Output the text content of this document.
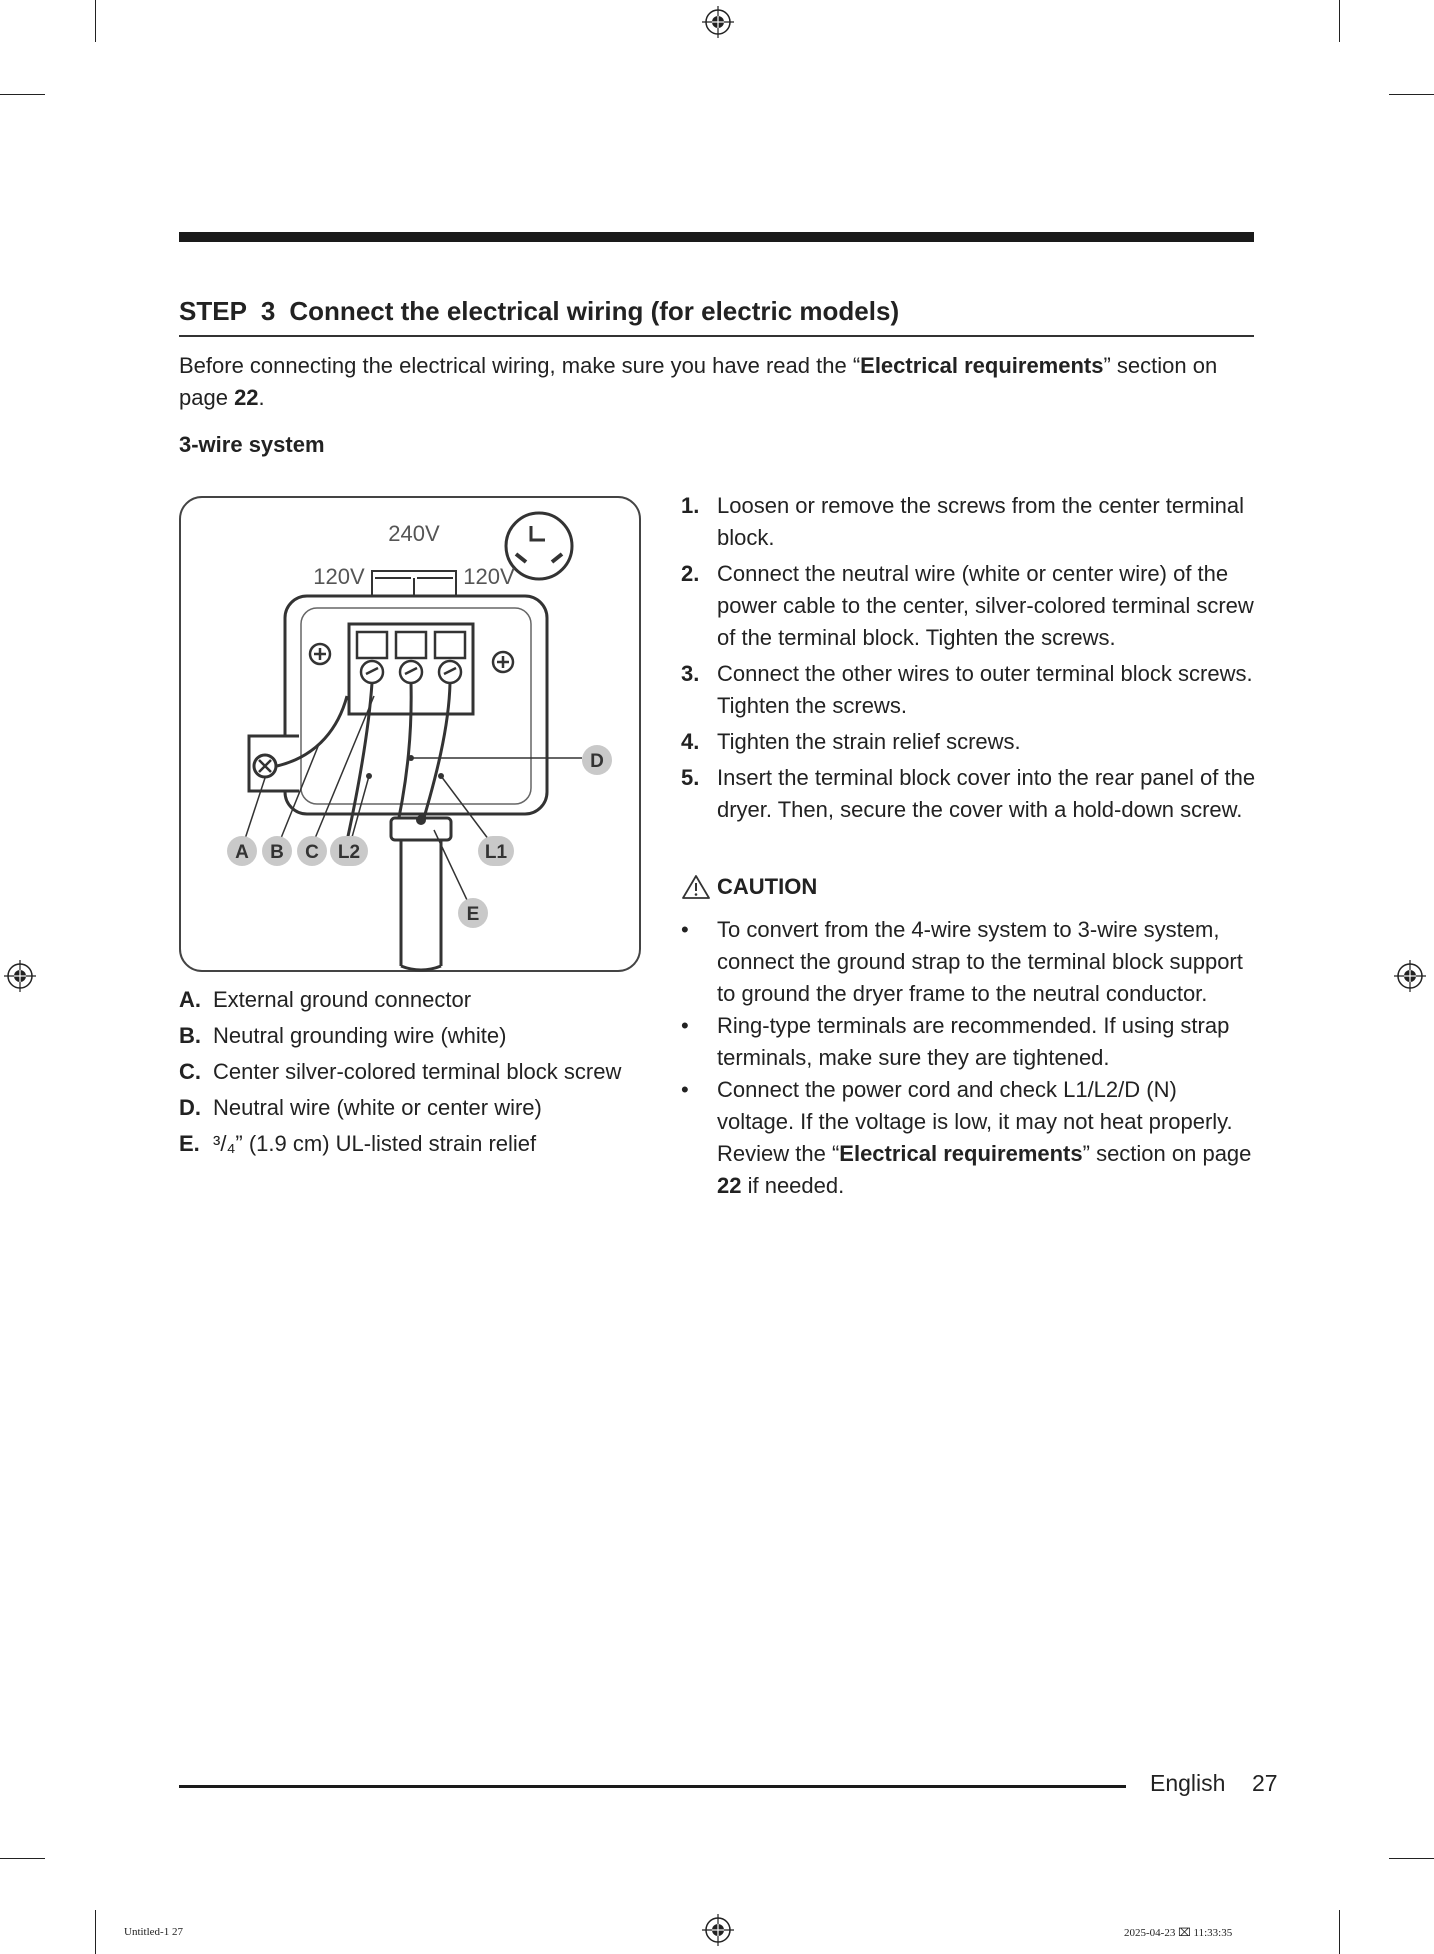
STEP 3 Connect the electrical wiring (for electric models)
Before connecting the electrical wiring, make sure you have read the “Electrical requirements” section on page 22.
3-wire system
240V
120V	120V
A B C L2	L1
D
E
A. External ground connector
B. Neutral grounding wire (white)
C. Center silver-colored terminal block screw
D. Neutral wire (white or center wire)
E. ³/₄” (1.9 cm) UL-listed strain relief
1. Loosen or remove the screws from the center terminal block.
2. Connect the neutral wire (white or center wire) of the power cable to the center, silver-colored terminal screw of the terminal block. Tighten the screws.
3. Connect the other wires to outer terminal block screws. Tighten the screws.
4. Tighten the strain relief screws.
5. Insert the terminal block cover into the rear panel of the dryer. Then, secure the cover with a hold-down screw.
CAUTION
•	To convert from the 4-wire system to 3-wire system, connect the ground strap to the terminal block support to ground the dryer frame to the neutral conductor.
•	Ring-type terminals are recommended. If using strap terminals, make sure they are tightened.
•	Connect the power cord and check L1/L2/D (N) voltage. If the voltage is low, it may not heat properly. Review the “Electrical requirements” section on page 22 if needed.
English 27
Untitled-1 27	2025-04-23 ⌧ 11:33:35
